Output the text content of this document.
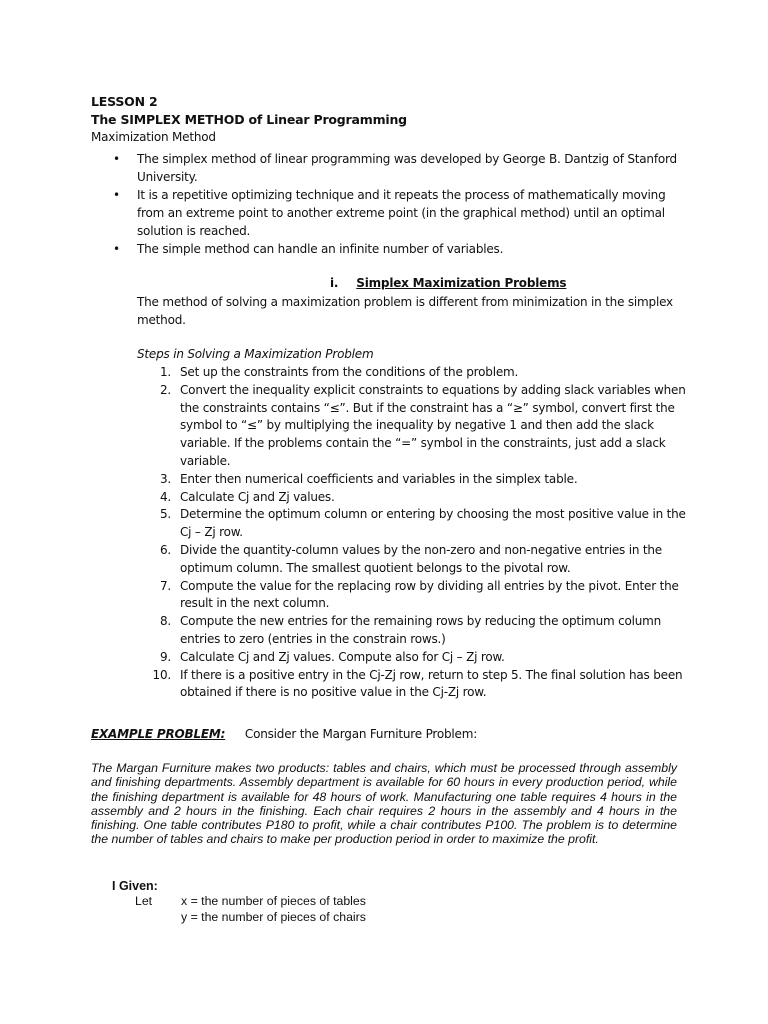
LESSON 2
The SIMPLEX METHOD of Linear Programming
Maximization Method
• The simplex method of linear programming was developed by George B. Dantzig of Stanford University.
• It is a repetitive optimizing technique and it repeats the process of mathematically moving from an extreme point to another extreme point (in the graphical method) until an optimal solution is reached.
• The simple method can handle an infinite number of variables.
i. Simplex Maximization Problems
The method of solving a maximization problem is different from minimization in the simplex method.
Steps in Solving a Maximization Problem
1. Set up the constraints from the conditions of the problem.
2. Convert the inequality explicit constraints to equations by adding slack variables when the constraints contains “≤”. But if the constraint has a “≥” symbol, convert first the symbol to “≤” by multiplying the inequality by negative 1 and then add the slack variable. If the problems contain the “=” symbol in the constraints, just add a slack variable.
3. Enter then numerical coefficients and variables in the simplex table.
4. Calculate Cj and Zj values.
5. Determine the optimum column or entering by choosing the most positive value in the Cj – Zj row.
6. Divide the quantity-column values by the non-zero and non-negative entries in the optimum column. The smallest quotient belongs to the pivotal row.
7. Compute the value for the replacing row by dividing all entries by the pivot. Enter the result in the next column.
8. Compute the new entries for the remaining rows by reducing the optimum column entries to zero (entries in the constrain rows.)
9. Calculate Cj and Zj values. Compute also for Cj – Zj row.
10. If there is a positive entry in the Cj-Zj row, return to step 5. The final solution has been obtained if there is no positive value in the Cj-Zj row.
EXAMPLE PROBLEM: Consider the Margan Furniture Problem:
The Margan Furniture makes two products: tables and chairs, which must be processed through assembly and finishing departments. Assembly department is available for 60 hours in every production period, while the finishing department is available for 48 hours of work. Manufacturing one table requires 4 hours in the assembly and 2 hours in the finishing. Each chair requires 2 hours in the assembly and 4 hours in the finishing. One table contributes P180 to profit, while a chair contributes P100. The problem is to determine the number of tables and chairs to make per production period in order to maximize the profit.
I Given:
Let x = the number of pieces of tables
y = the number of pieces of chairs
